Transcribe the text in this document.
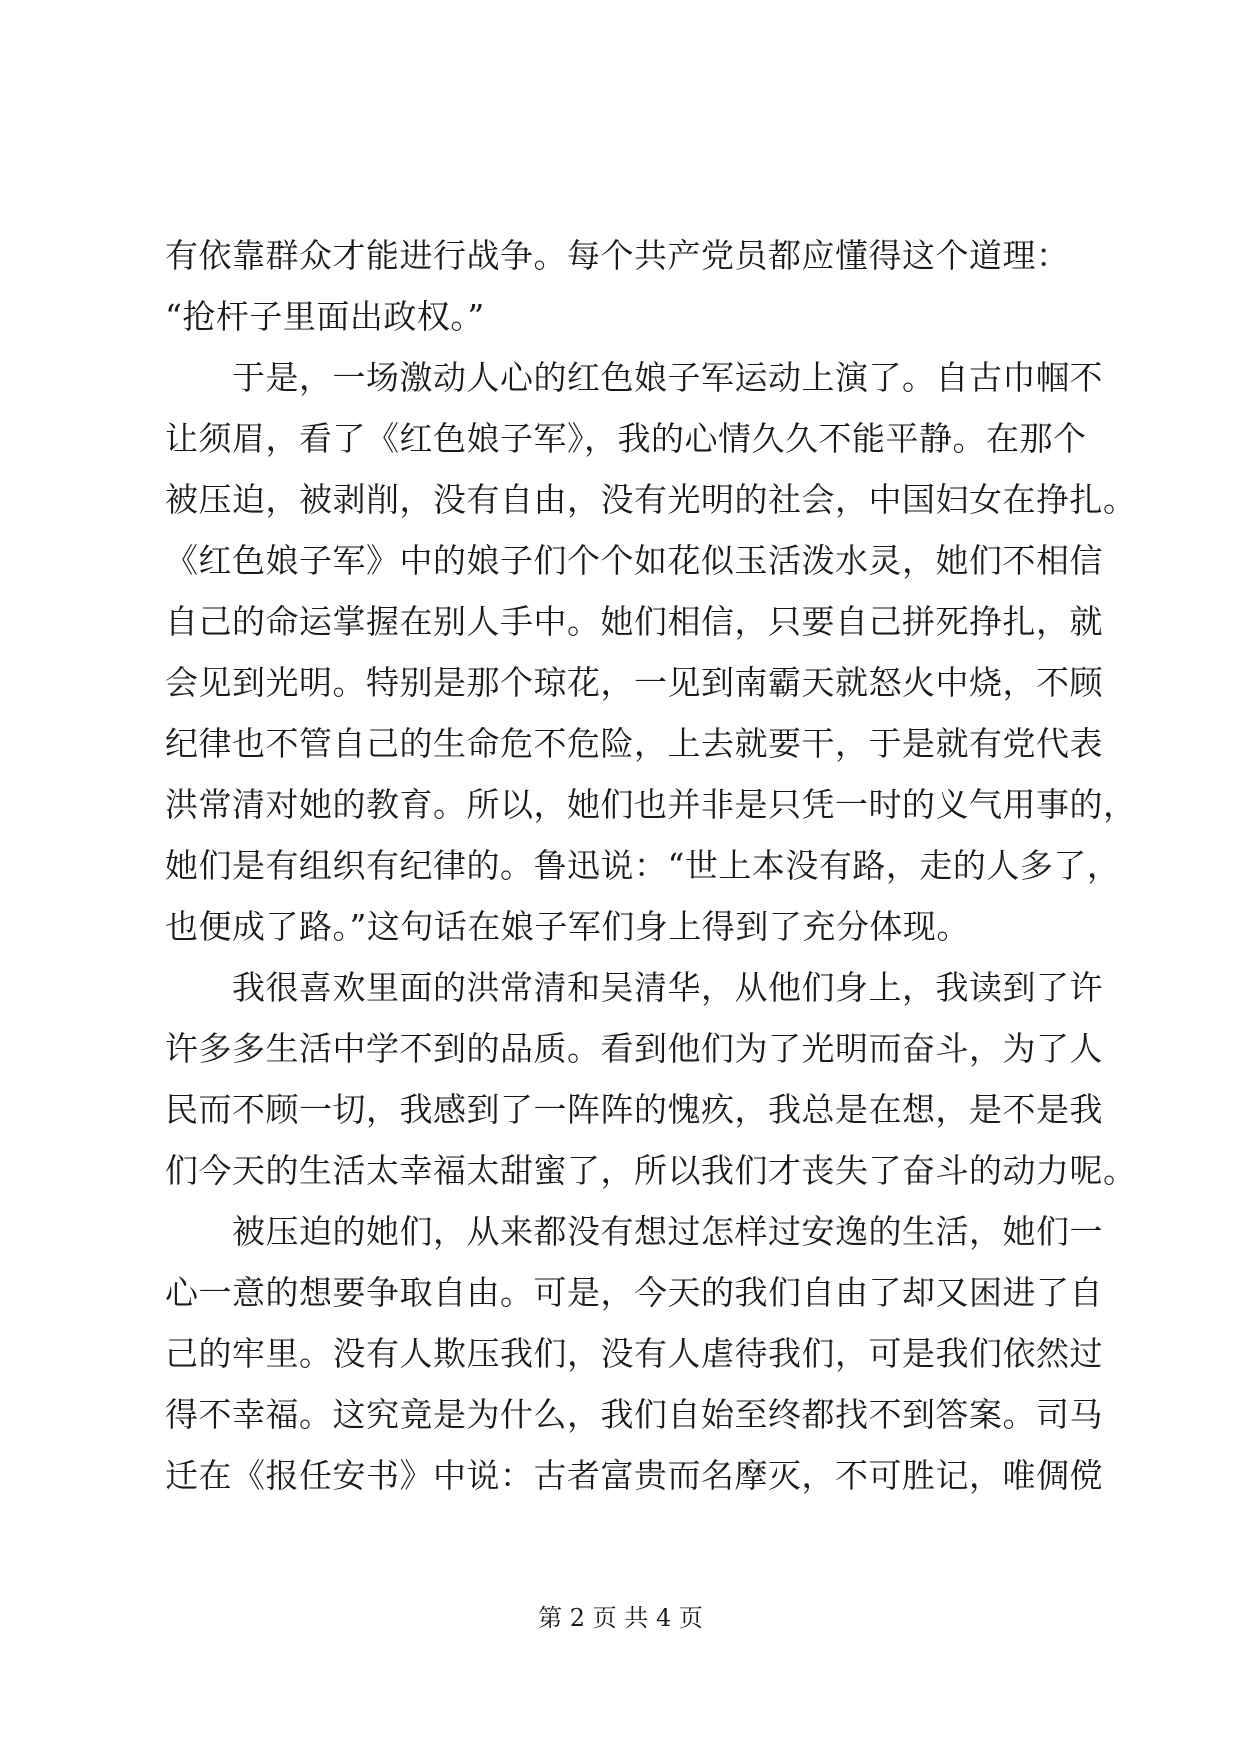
有依靠群众才能进行战争。每个共产党员都应懂得这个道理：
“抢杆子里面出政权。”
　　于是，一场激动人心的红色娘子军运动上演了。自古巾帼不
让须眉，看了《红色娘子军》，我的心情久久不能平静。在那个
被压迫，被剥削，没有自由，没有光明的社会，中国妇女在挣扎。
《红色娘子军》中的娘子们个个如花似玉活泼水灵，她们不相信
自己的命运掌握在别人手中。她们相信，只要自己拼死挣扎，就
会见到光明。特别是那个琼花，一见到南霸天就怒火中烧，不顾
纪律也不管自己的生命危不危险，上去就要干，于是就有党代表
洪常清对她的教育。所以，她们也并非是只凭一时的义气用事的，
她们是有组织有纪律的。鲁迅说：“世上本没有路，走的人多了，
也便成了路。”这句话在娘子军们身上得到了充分体现。
　　我很喜欢里面的洪常清和吴清华，从他们身上，我读到了许
许多多生活中学不到的品质。看到他们为了光明而奋斗，为了人
民而不顾一切，我感到了一阵阵的愧疚，我总是在想，是不是我
们今天的生活太幸福太甜蜜了，所以我们才丧失了奋斗的动力呢。
　　被压迫的她们，从来都没有想过怎样过安逸的生活，她们一
心一意的想要争取自由。可是，今天的我们自由了却又困进了自
己的牢里。没有人欺压我们，没有人虐待我们，可是我们依然过
得不幸福。这究竟是为什么，我们自始至终都找不到答案。司马
迁在《报任安书》中说：古者富贵而名摩灭，不可胜记，唯倜傥
第 2 页 共 4 页
